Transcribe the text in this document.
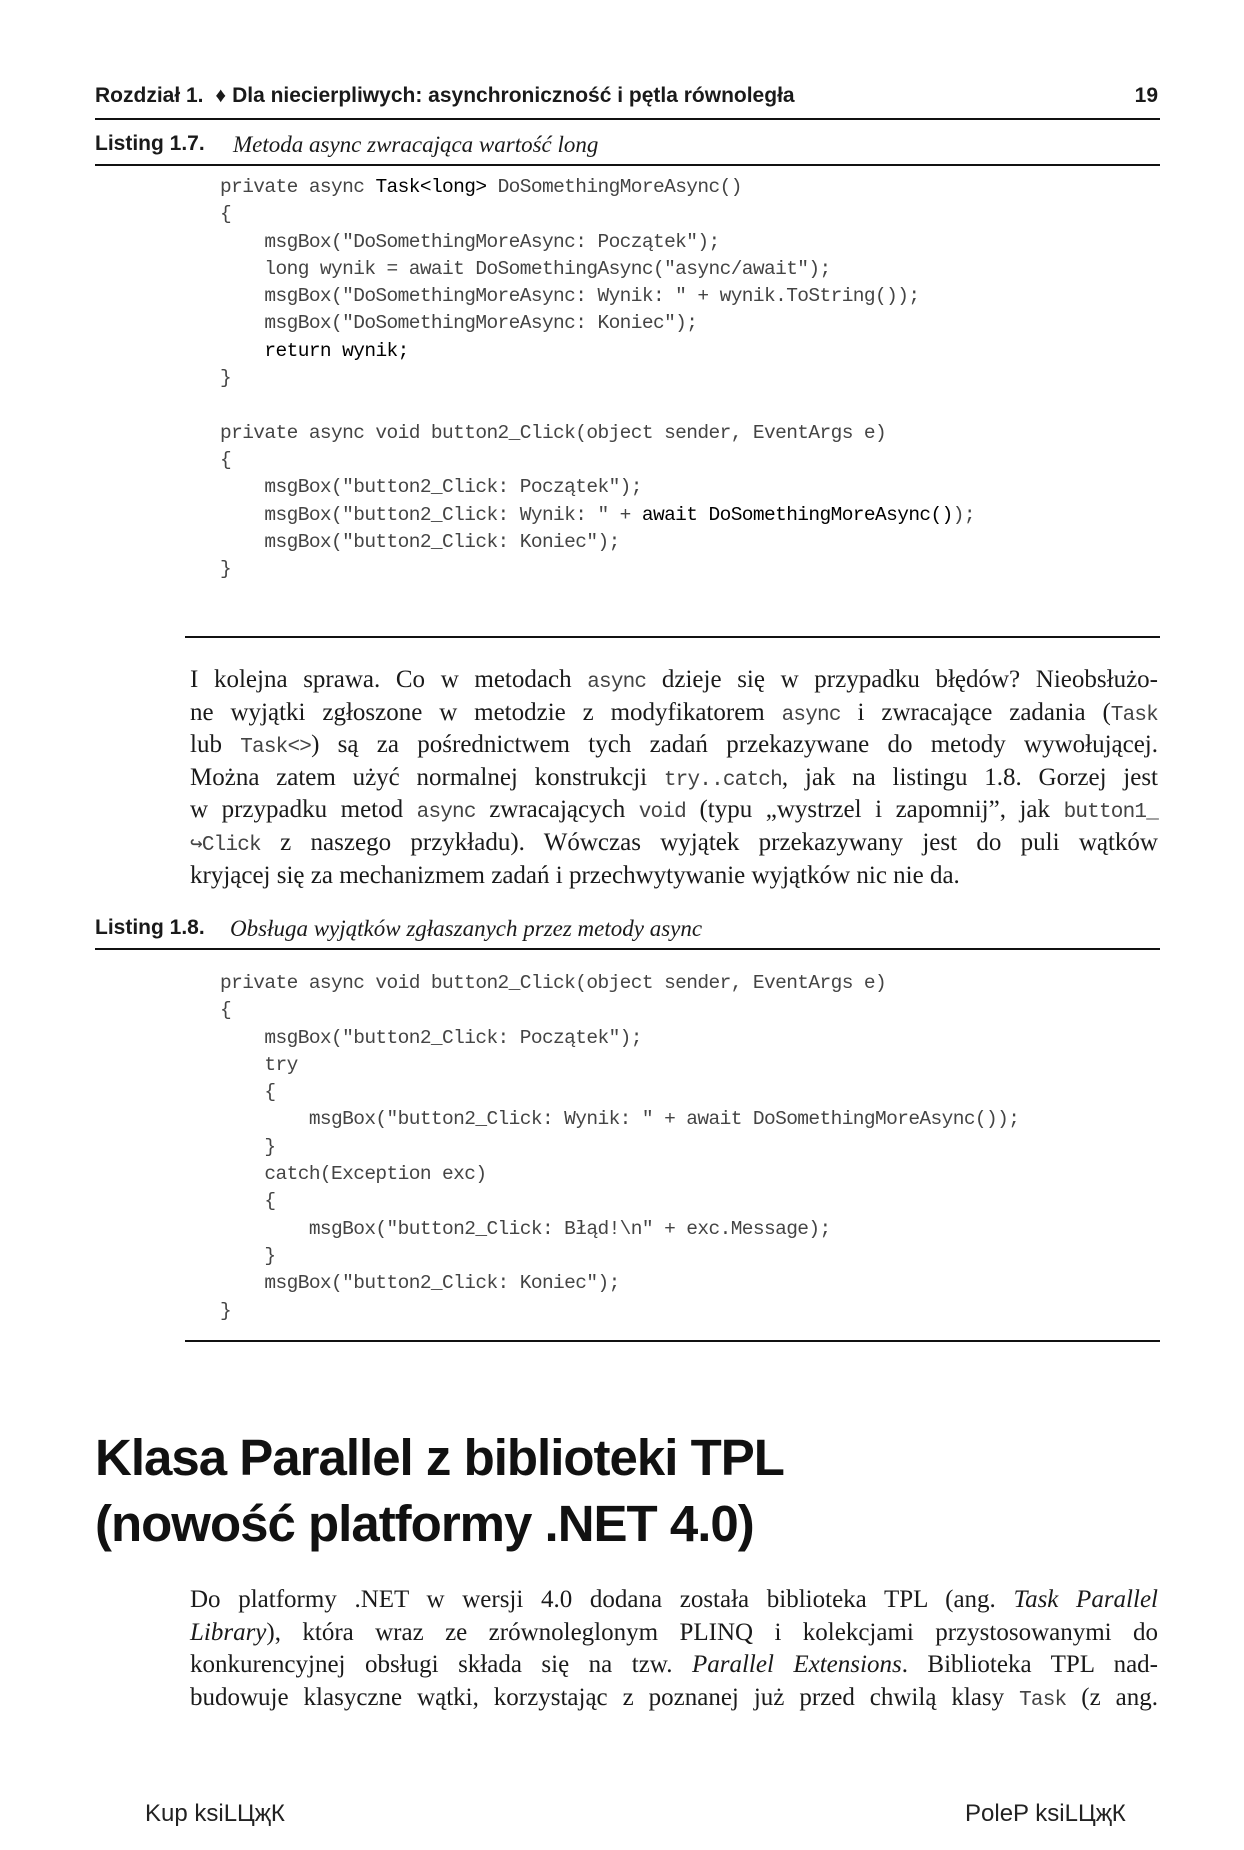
Rozdział 1. ♦ Dla niecierpliwych: asynchroniczność i pętla równoległa	19
Listing 1.7. Metoda async zwracająca wartość long
private async Task<long> DoSomethingMoreAsync()
{
msgBox("DoSomethingMoreAsync: Początek");
long wynik = await DoSomethingAsync("async/await");
msgBox("DoSomethingMoreAsync: Wynik: " + wynik.ToString());
msgBox("DoSomethingMoreAsync: Koniec");
return wynik;
}

private async void button2_Click(object sender, EventArgs e)
{
msgBox("button2_Click: Początek");
msgBox("button2_Click: Wynik: " + await DoSomethingMoreAsync());
msgBox("button2_Click: Koniec");
}
I kolejna sprawa. Co w metodach async dzieje się w przypadku błędów? Nieobsłużo-
ne wyjątki zgłoszone w metodzie z modyfikatorem async i zwracające zadania (Task
lub Task<>) są za pośrednictwem tych zadań przekazywane do metody wywołującej.
Można zatem użyć normalnej konstrukcji try..catch, jak na listingu 1.8. Gorzej jest
w przypadku metod async zwracających void (typu „wystrzel i zapomnij”, jak button1_
↪Click z naszego przykładu). Wówczas wyjątek przekazywany jest do puli wątków
kryjącej się za mechanizmem zadań i przechwytywanie wyjątków nic nie da.
Listing 1.8. Obsługa wyjątków zgłaszanych przez metody async
private async void button2_Click(object sender, EventArgs e)
{
msgBox("button2_Click: Początek");
try
{
msgBox("button2_Click: Wynik: " + await DoSomethingMoreAsync());
}
catch(Exception exc)
{
msgBox("button2_Click: Błąd!\n" + exc.Message);
}
msgBox("button2_Click: Koniec");
}
Klasa Parallel z biblioteki TPL
(nowość platformy .NET 4.0)
Do platformy .NET w wersji 4.0 dodana została biblioteka TPL (ang. Task Parallel
Library), która wraz ze zrównoleglonym PLINQ i kolekcjami przystosowanymi do
konkurencyjnej obsługi składa się na tzw. Parallel Extensions. Biblioteka TPL nad-
budowuje klasyczne wątki, korzystając z poznanej już przed chwilą klasy Task (z ang.
Kup ksiLЦҗК	PoleP ksiLЦҗК
